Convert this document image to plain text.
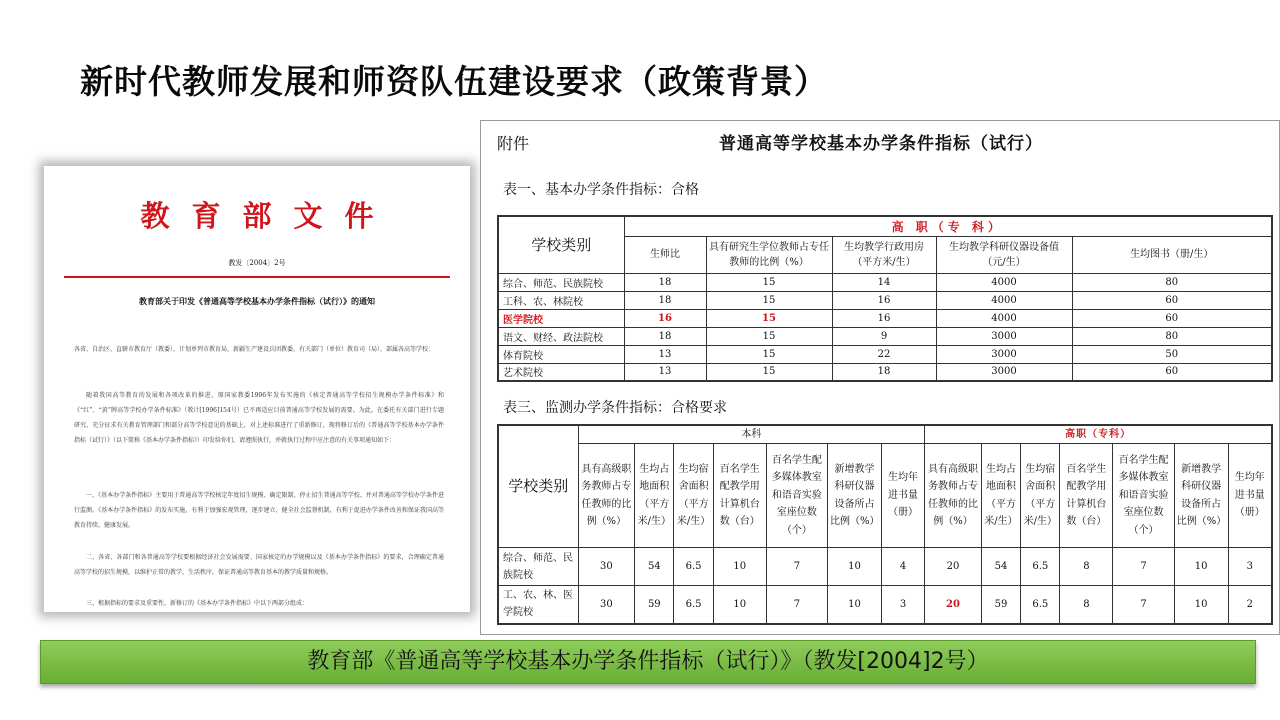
新时代教师发展和师资队伍建设要求（政策背景）
教育部文件
教发〔2004〕2号
教育部关于印发《普通高等学校基本办学条件指标（试行）》的通知
各省、自治区、直辖市教育厅（教委），计划单列市教育局，新疆生产建设兵团教委，有关部门（单位）教育司（局），部属各高等学校：
随着我国高等教育的发展和各项改革的推进，原国家教委1996年发布实施的《核定普通高等学校招生规模办学条件标准》和《“红”、“黄”牌高等学校办学条件标准》（教计[1996]154号）已不再适应目前普通高等学校发展的需要。为此，在委托有关部门进行专题研究、充分征求有关教育管理部门和部分高等学校意见的基础上，对上述标准进行了重新修订，现将修订后的《普通高等学校基本办学条件指标（试行）》（以下简称《基本办学条件指标》）印发给你们，请遵照执行，并就执行过程中应注意的有关事项通知如下：
一、《基本办学条件指标》主要用于普通高等学校核定年度招生规模、确定限制、停止招生普通高等学校、并对普通高等学校办学条件进行监测。《基本办学条件指标》的发布实施，有利于加强宏观管理，逐步建立、健全社会监督机制，有利于促进办学条件改善和保证我国高等教育持续、健康发展。
二、各省、各部门和各普通高等学校要根据经济社会发展需要、国家核定的办学规模以及《基本办学条件指标》的要求，合理确定普通高等学校的招生规模，以维护正常的教学、生活秩序，保证普通高等教育基本的教学质量和规格。
三、根据指标的要求及重要性，新修订的《基本办学条件指标》中以下两部分组成：
附件	普通高等学校基本办学条件指标（试行）
表一、基本办学条件指标：合格
学校类别	高 职（专 科）				
	生师比	具有研究生学位教师占专任教师的比例（%）	生均教学行政用房（平方米/生）	生均教学科研仪器设备值（元/生）	生均图书（册/生）
综合、师范、民族院校	18	15	14	4000	80
工科、农、林院校	18	15	16	4000	60
医学院校	16	15	16	4000	60
语文、财经、政法院校	18	15	9	3000	80
体育院校	13	15	22	3000	50
艺术院校	13	15	18	3000	60
表三、监测办学条件指标：合格要求
学校类别	本科							高职（专科）						
	具有高级职务教师占专任教师的比例（%）	生均占地面积（平方米/生）	生均宿舍面积（平方米/生）	百名学生配教学用计算机台数（台）	百名学生配多媒体教室和语音实验室座位数（个）	新增教学科研仪器设备所占比例（%）	生均年进书量（册）	具有高级职务教师占专任教师的比例（%）	生均占地面积（平方米/生）	生均宿舍面积（平方米/生）	百名学生配教学用计算机台数（台）	百名学生配多媒体教室和语音实验室座位数（个）	新增教学科研仪器设备所占比例（%）	生均年进书量（册）
综合、师范、民族院校	30	54	6.5	10	7	10	4	20	54	6.5	8	7	10	3
工、农、林、医学院校	30	59	6.5	10	7	10	3	20	59	6.5	8	7	10	2
教育部《普通高等学校基本办学条件指标（试行）》（教发[2004]2号）
